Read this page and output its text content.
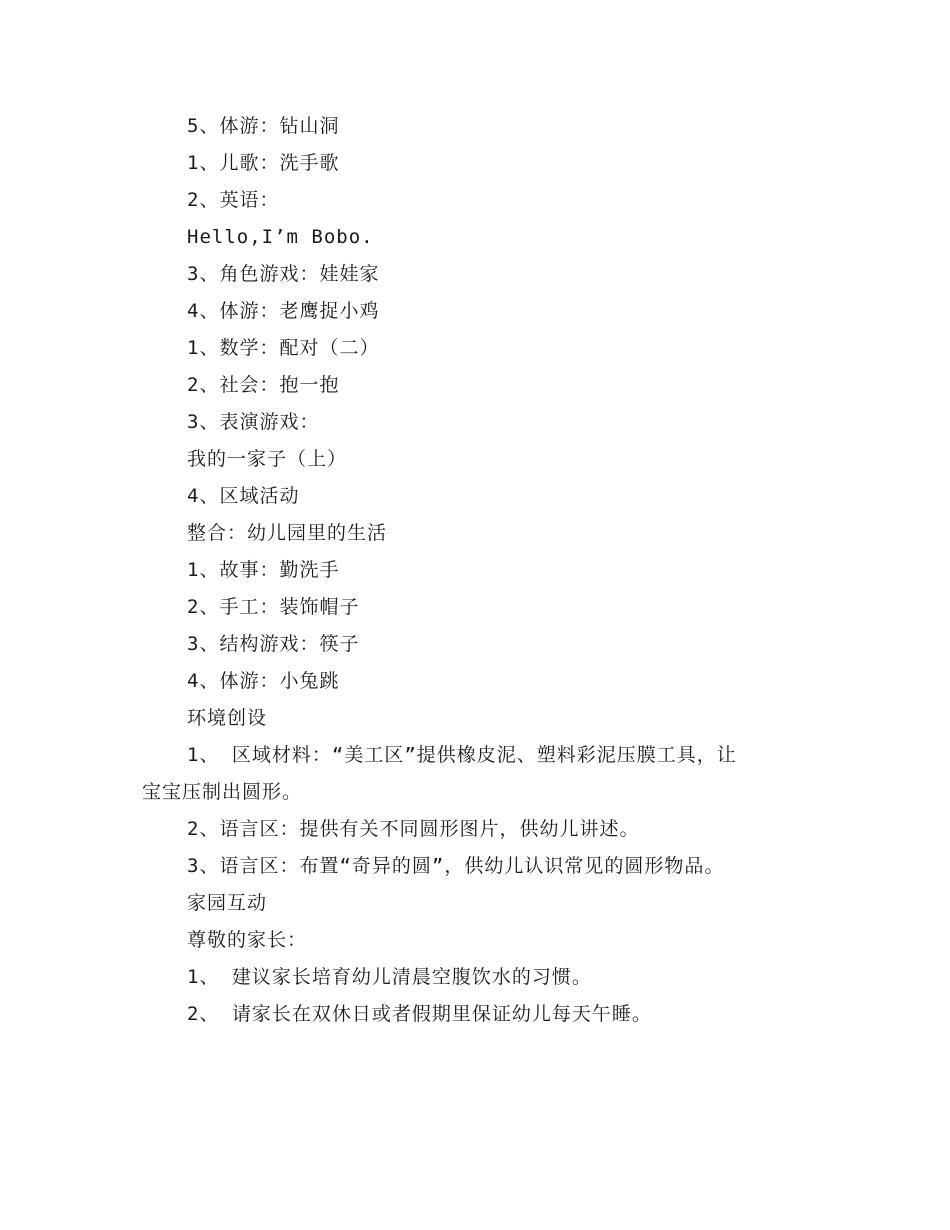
5、体游：钻山洞
1、儿歌：洗手歌
2、英语：
Hello,I’m Bobo.
3、角色游戏：娃娃家
4、体游：老鹰捉小鸡
1、数学：配对（二）
2、社会：抱一抱
3、表演游戏：
我的一家子（上）
4、区域活动
整合：幼儿园里的生活
1、故事：勤洗手
2、手工：装饰帽子
3、结构游戏：筷子
4、体游：小兔跳
环境创设
1、 区域材料：“美工区”提供橡皮泥、塑料彩泥压膜工具，让
宝宝压制出圆形。
2、语言区：提供有关不同圆形图片，供幼儿讲述。
3、语言区：布置“奇异的圆”，供幼儿认识常见的圆形物品。
家园互动
尊敬的家长：
1、 建议家长培育幼儿清晨空腹饮水的习惯。
2、 请家长在双休日或者假期里保证幼儿每天午睡。
